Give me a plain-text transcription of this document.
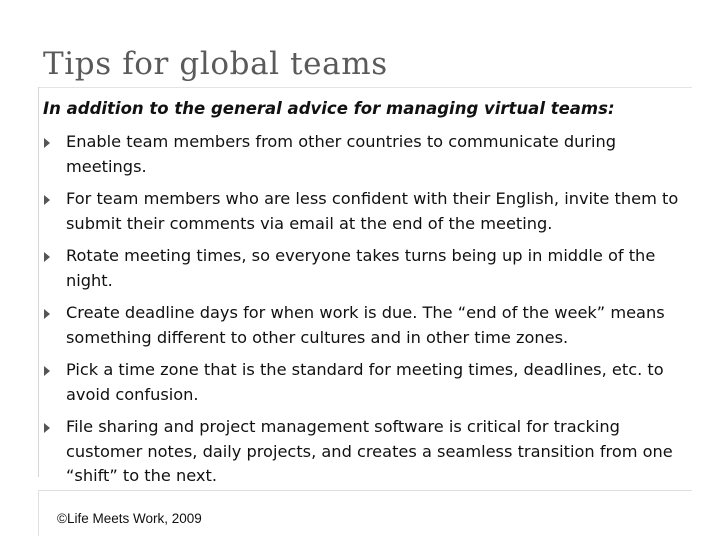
Tips for global teams
In addition to the general advice for managing virtual teams:
Enable team members from other countries to communicate during meetings.
For team members who are less confident with their English, invite them to submit their comments via email at the end of the meeting.
Rotate meeting times, so everyone takes turns being up in middle of the night.
Create deadline days for when work is due. The “end of the week” means something different to other cultures and in other time zones.
Pick a time zone that is the standard for meeting times, deadlines, etc. to avoid confusion.
File sharing and project management software is critical for tracking customer notes, daily projects, and creates a seamless transition from one “shift” to the next.
©Life Meets Work, 2009
